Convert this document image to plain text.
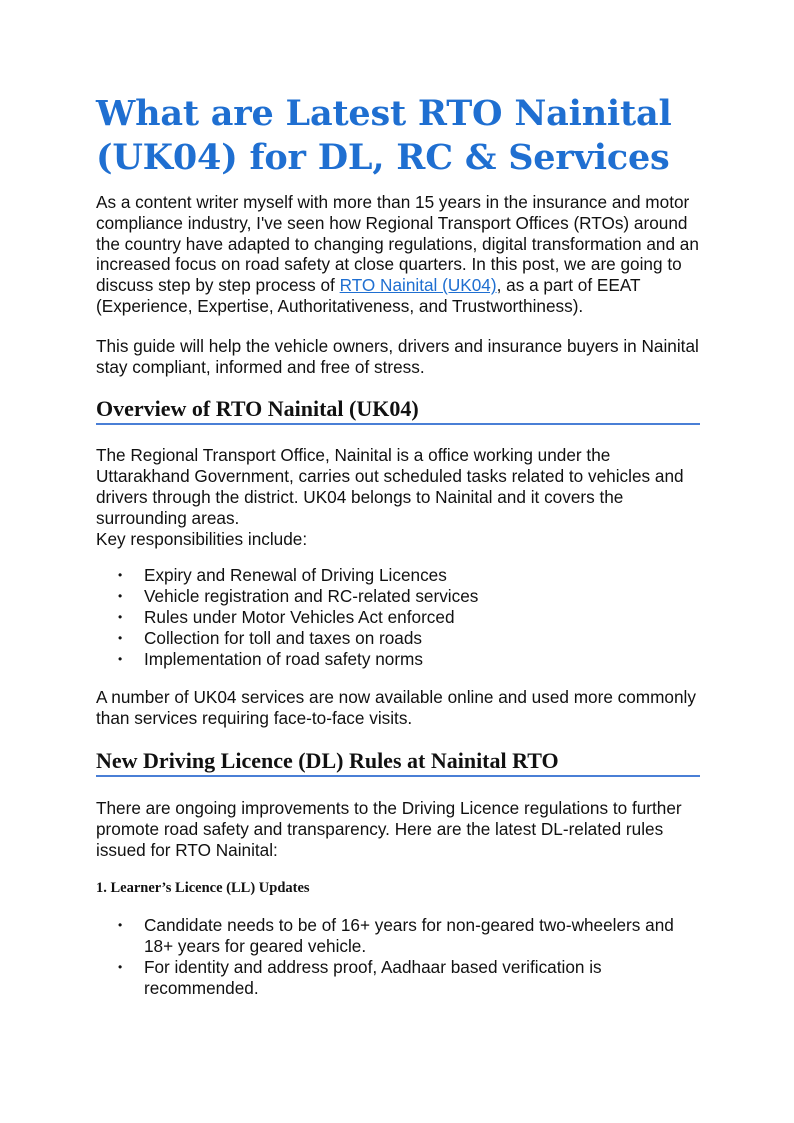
What are Latest RTO Nainital (UK04) for DL, RC & Services

As a content writer myself with more than 15 years in the insurance and motor compliance industry, I've seen how Regional Transport Offices (RTOs) around the country have adapted to changing regulations, digital transformation and an increased focus on road safety at close quarters. In this post, we are going to discuss step by step process of RTO Nainital (UK04), as a part of EEAT (Experience, Expertise, Authoritativeness, and Trustworthiness).

This guide will help the vehicle owners, drivers and insurance buyers in Nainital stay compliant, informed and free of stress.

Overview of RTO Nainital (UK04)

The Regional Transport Office, Nainital is a office working under the Uttarakhand Government, carries out scheduled tasks related to vehicles and drivers through the district. UK04 belongs to Nainital and it covers the surrounding areas.

Key responsibilities include:

• Expiry and Renewal of Driving Licences
• Vehicle registration and RC-related services
• Rules under Motor Vehicles Act enforced
• Collection for toll and taxes on roads
• Implementation of road safety norms

A number of UK04 services are now available online and used more commonly than services requiring face-to-face visits.

New Driving Licence (DL) Rules at Nainital RTO

There are ongoing improvements to the Driving Licence regulations to further promote road safety and transparency. Here are the latest DL-related rules issued for RTO Nainital:

1. Learner’s Licence (LL) Updates
• Candidate needs to be of 16+ years for non-geared two-wheelers and 18+ years for geared vehicle.
• For identity and address proof, Aadhaar based verification is recommended.
